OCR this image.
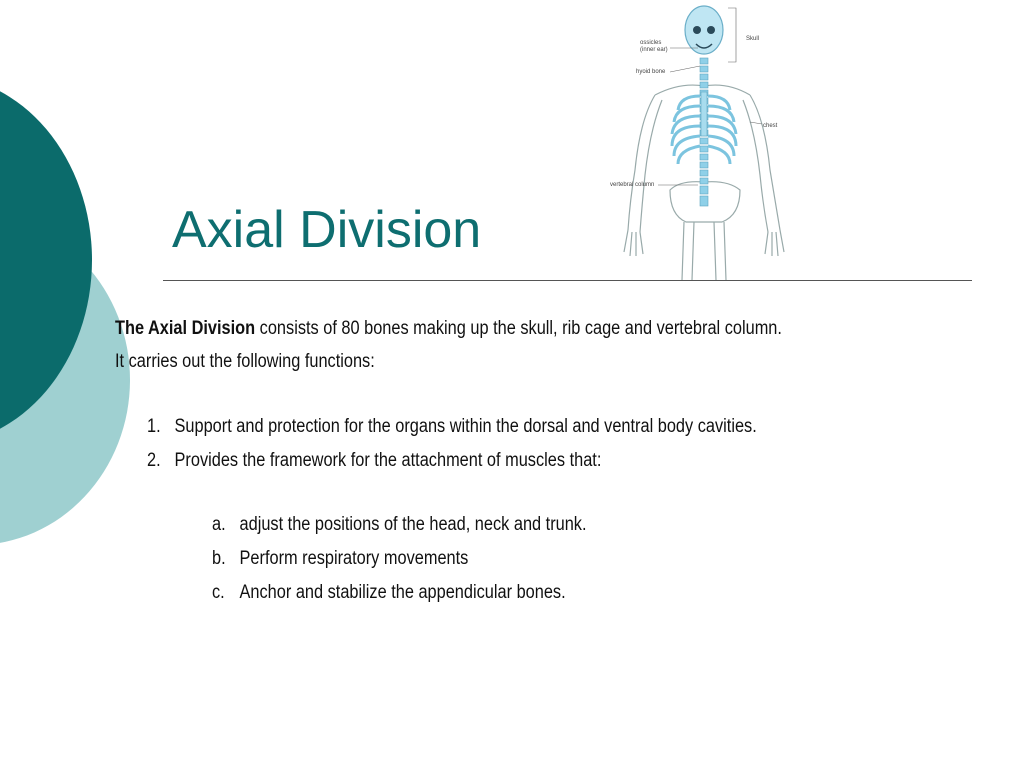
ossicles
(inner ear)
hyoid bone
Skull
chest
vertebral column
Axial Division
The Axial Division consists of 80 bones making up the skull, rib cage and vertebral column.
It carries out the following functions:
1. Support and protection for the organs within the dorsal and ventral body cavities.
2. Provides the framework for the attachment of muscles that:
a. adjust the positions of the head, neck and trunk.
b. Perform respiratory movements
c. Anchor and stabilize the appendicular bones.
